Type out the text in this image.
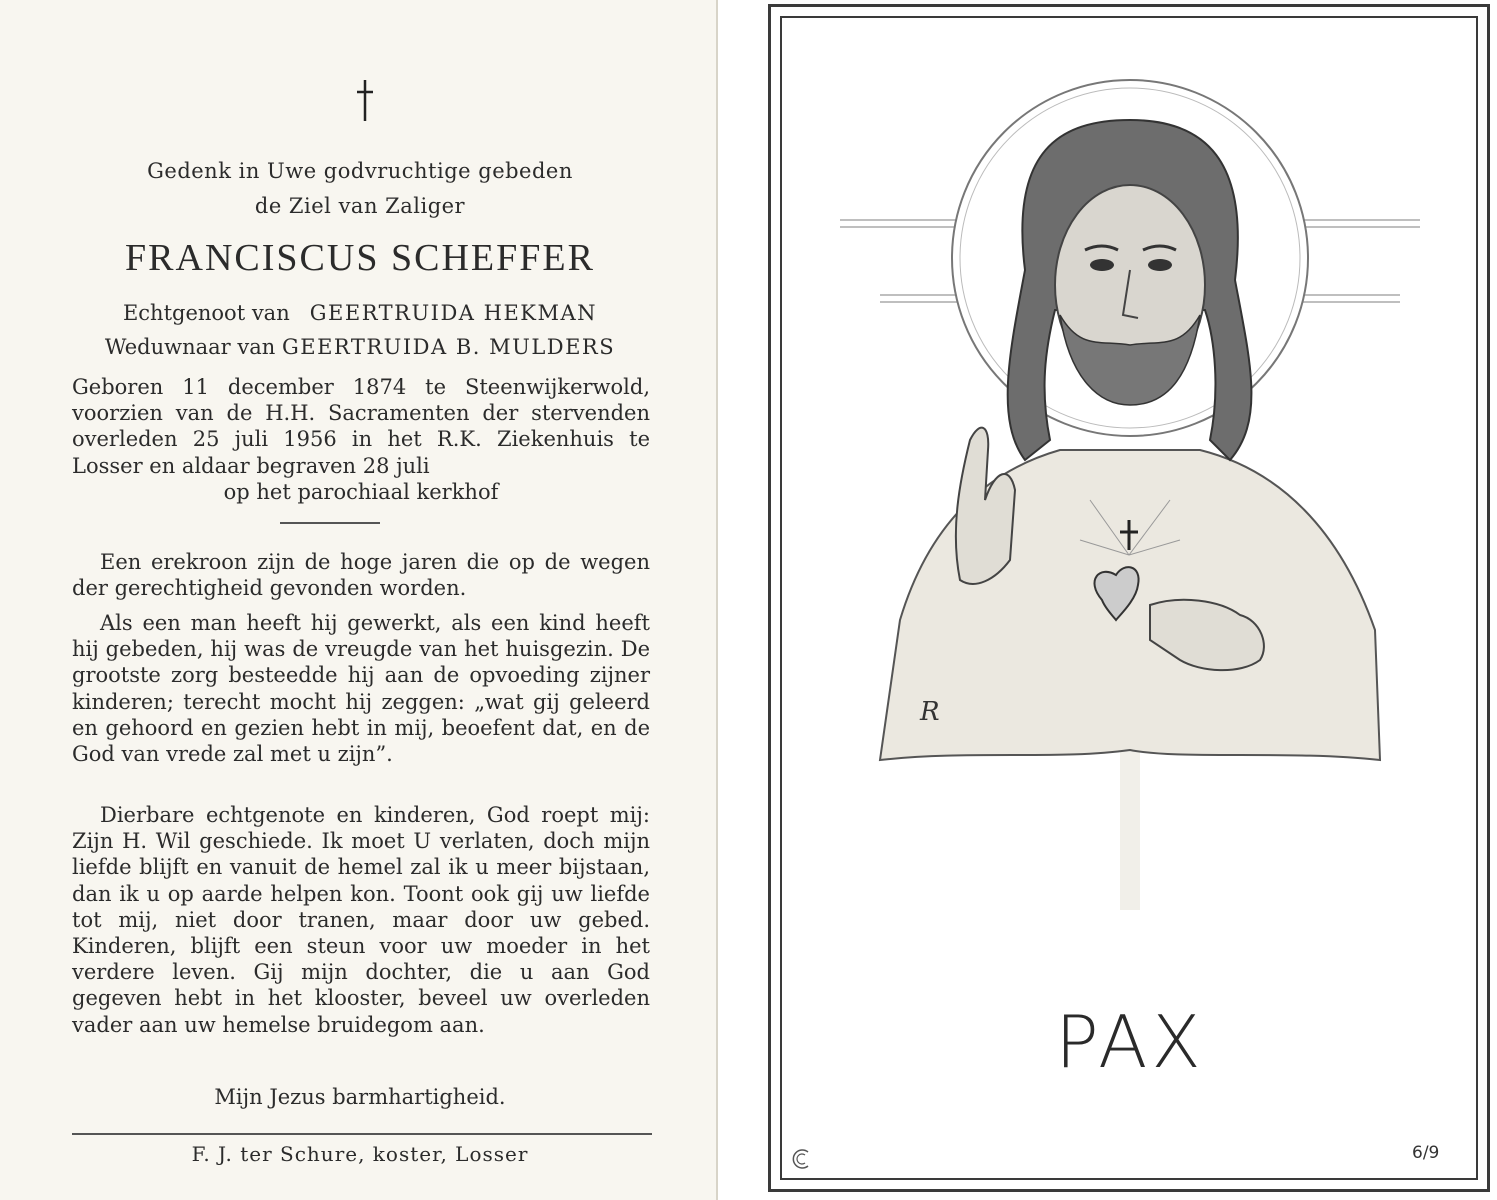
Gedenk in Uwe godvruchtige gebeden
de Ziel van Zaliger
FRANCISCUS SCHEFFER
Echtgenoot van GEERTRUIDA HEKMAN
Weduwnaar van GEERTRUIDA B. MULDERS
Geboren 11 december 1874 te Steenwijkerwold, voorzien van de H.H. Sacramenten der stervenden overleden 25 juli 1956 in het R.K. Ziekenhuis te Losser en aldaar begraven 28 juli
op het parochiaal kerkhof
Een erekroon zijn de hoge jaren die op de wegen der gerechtigheid gevonden worden.
Als een man heeft hij gewerkt, als een kind heeft hij gebeden, hij was de vreugde van het huisgezin. De grootste zorg besteedde hij aan de opvoeding zijner kinderen; terecht mocht hij zeggen: „wat gij geleerd en gehoord en gezien hebt in mij, beoefent dat, en de God van vrede zal met u zijn”.
Dierbare echtgenote en kinderen, God roept mij: Zijn H. Wil geschiede. Ik moet U verlaten, doch mijn liefde blijft en vanuit de hemel zal ik u meer bijstaan, dan ik u op aarde helpen kon. Toont ook gij uw liefde tot mij, niet door tranen, maar door uw gebed. Kinderen, blijft een steun voor uw moeder in het verdere leven. Gij mijn dochter, die u aan God gegeven hebt in het klooster, beveel uw overleden vader aan uw hemelse bruidegom aan.
Mijn Jezus barmhartigheid.
F. J. ter Schure, koster, Losser
R
PAX
6/9
